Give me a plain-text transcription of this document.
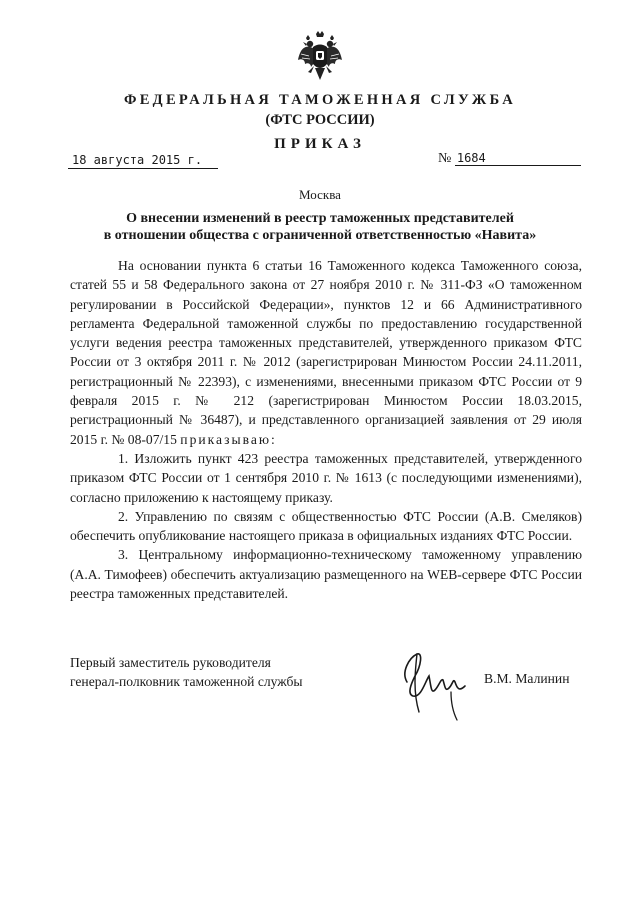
ФЕДЕРАЛЬНАЯ ТАМОЖЕННАЯ СЛУЖБА
(ФТС РОССИИ)
ПРИКАЗ
18 августа 2015 г.	№ 1684
Москва
О внесении изменений в реестр таможенных представителей
в отношении общества с ограниченной ответственностью «Навита»

На основании пункта 6 статьи 16 Таможенного кодекса Таможенного союза, статей 55 и 58 Федерального закона от 27 ноября 2010 г. № 311-ФЗ «О таможенном регулировании в Российской Федерации», пунктов 12 и 66 Административного регламента Федеральной таможенной службы по предоставлению государственной услуги ведения реестра таможенных представителей, утвержденного приказом ФТС России от 3 октября 2011 г. № 2012 (зарегистрирован Минюстом России 24.11.2011, регистрационный № 22393), с изменениями, внесенными приказом ФТС России от 9 февраля 2015 г. № 212 (зарегистрирован Минюстом России 18.03.2015, регистрационный № 36487), и представленного организацией заявления от 29 июля 2015 г. № 08-07/15 приказываю:

1. Изложить пункт 423 реестра таможенных представителей, утвержденного приказом ФТС России от 1 сентября 2010 г. № 1613 (с последующими изменениями), согласно приложению к настоящему приказу.

2. Управлению по связям с общественностью ФТС России (А.В. Смеляков) обеспечить опубликование настоящего приказа в официальных изданиях ФТС России.

3. Центральному информационно-техническому таможенному управлению (А.А. Тимофеев) обеспечить актуализацию размещенного на WEB-сервере ФТС России реестра таможенных представителей.

Первый заместитель руководителя
генерал-полковник таможенной службы	В.М. Малинин
